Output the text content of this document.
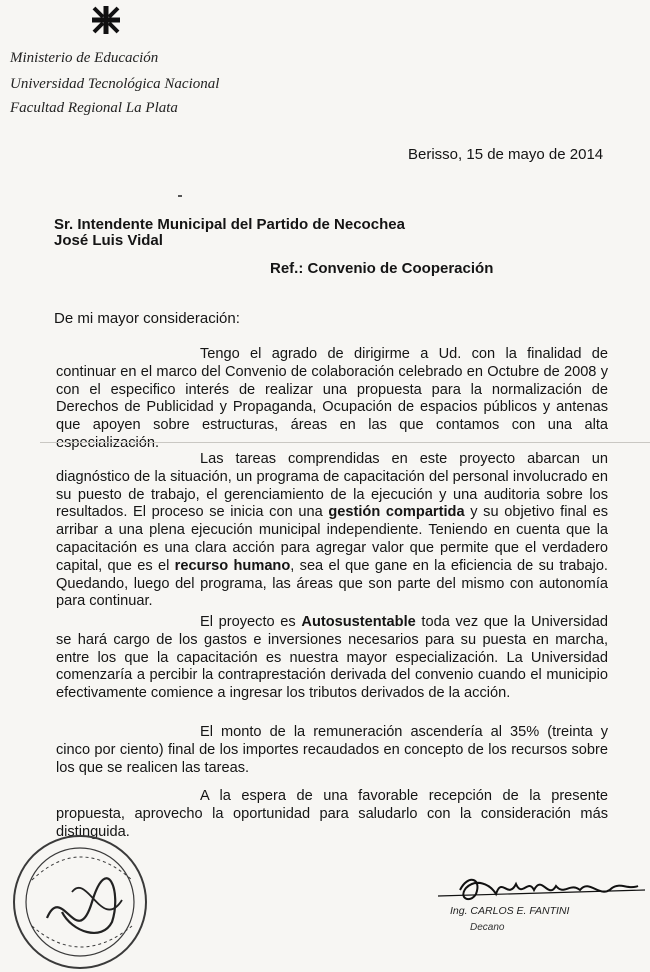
Ministerio de Educación
Universidad Tecnológica Nacional
Facultad Regional La Plata
Berisso, 15 de mayo de 2014
Sr. Intendente Municipal del Partido de Necochea
José Luis Vidal
Ref.: Convenio de Cooperación
De mi mayor consideración:
Tengo el agrado de dirigirme a Ud. con la finalidad de continuar en el marco del Convenio de colaboración celebrado en Octubre de 2008 y con el especifico interés de realizar una propuesta para la normalización de Derechos de Publicidad y Propaganda, Ocupación de espacios públicos y antenas que apoyen sobre estructuras, áreas en las que contamos con una alta especialización.
Las tareas comprendidas en este proyecto abarcan un diagnóstico de la situación, un programa de capacitación del personal involucrado en su puesto de trabajo, el gerenciamiento de la ejecución y una auditoria sobre los resultados. El proceso se inicia con una gestión compartida y su objetivo final es arribar a una plena ejecución municipal independiente. Teniendo en cuenta que la capacitación es una clara acción para agregar valor que permite que el verdadero capital, que es el recurso humano, sea el que gane en la eficiencia de su trabajo. Quedando, luego del programa, las áreas que son parte del mismo con autonomía para continuar.
El proyecto es Autosustentable toda vez que la Universidad se hará cargo de los gastos e inversiones necesarios para su puesta en marcha, entre los que la capacitación es nuestra mayor especialización. La Universidad comenzaría a percibir la contraprestación derivada del convenio cuando el municipio efectivamente comience a ingresar los tributos derivados de la acción.
El monto de la remuneración ascendería al 35% (treinta y cinco por ciento) final de los importes recaudados en concepto de los recursos sobre los que se realicen las tareas.
A la espera de una favorable recepción de la presente propuesta, aprovecho la oportunidad para saludarlo con la consideración más distinguida.
Ing. CARLOS E. FANTINI
Decano
